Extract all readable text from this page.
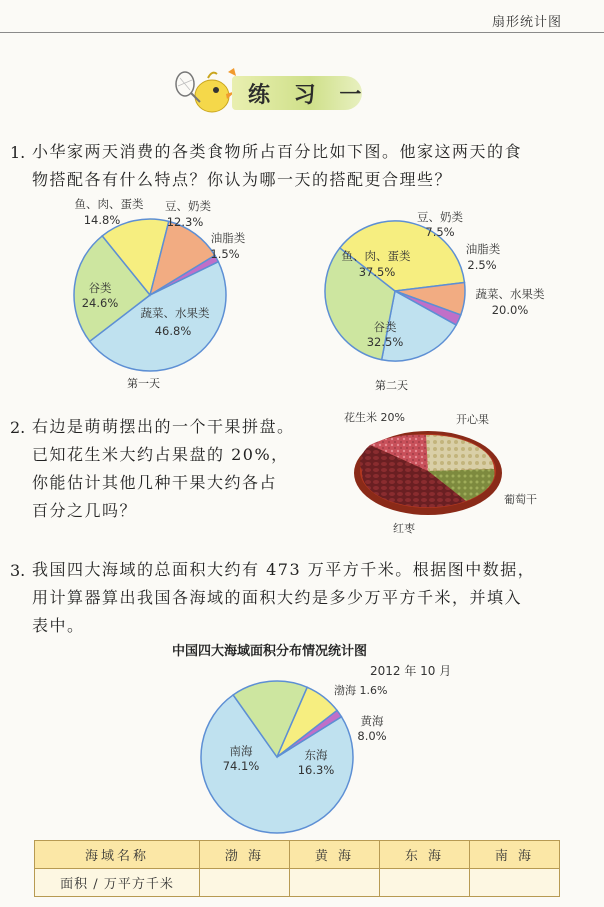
扇形统计图
练 习 一
1. 小华家两天消费的各类食物所占百分比如下图。他家这两天的食
物搭配各有什么特点？你认为哪一天的搭配更合理些？
鱼、肉、蛋类
14.8%
豆、奶类
12.3%
油脂类
1.5%
谷类
24.6%
蔬菜、水果类
46.8%
第一天
豆、奶类
7.5%
油脂类
2.5%
鱼、肉、蛋类
37.5%
蔬菜、水果类
20.0%
谷类
32.5%
第二天
2. 右边是萌萌摆出的一个干果拼盘。
已知花生米大约占果盘的 20%，
你能估计其他几种干果大约各占
百分之几吗？
花生米 20%	开心果
葡萄干
红枣
3. 我国四大海域的总面积大约有 473 万平方千米。根据图中数据，
用计算器算出我国各海域的面积大约是多少万平方千米，并填入
表中。
中国四大海域面积分布情况统计图
2012 年 10 月
渤海 1.6%
黄海
8.0%
东海
16.3%
南海
74.1%
海域名称	渤 海	黄 海	东 海	南 海
面积 / 万平方千米				
